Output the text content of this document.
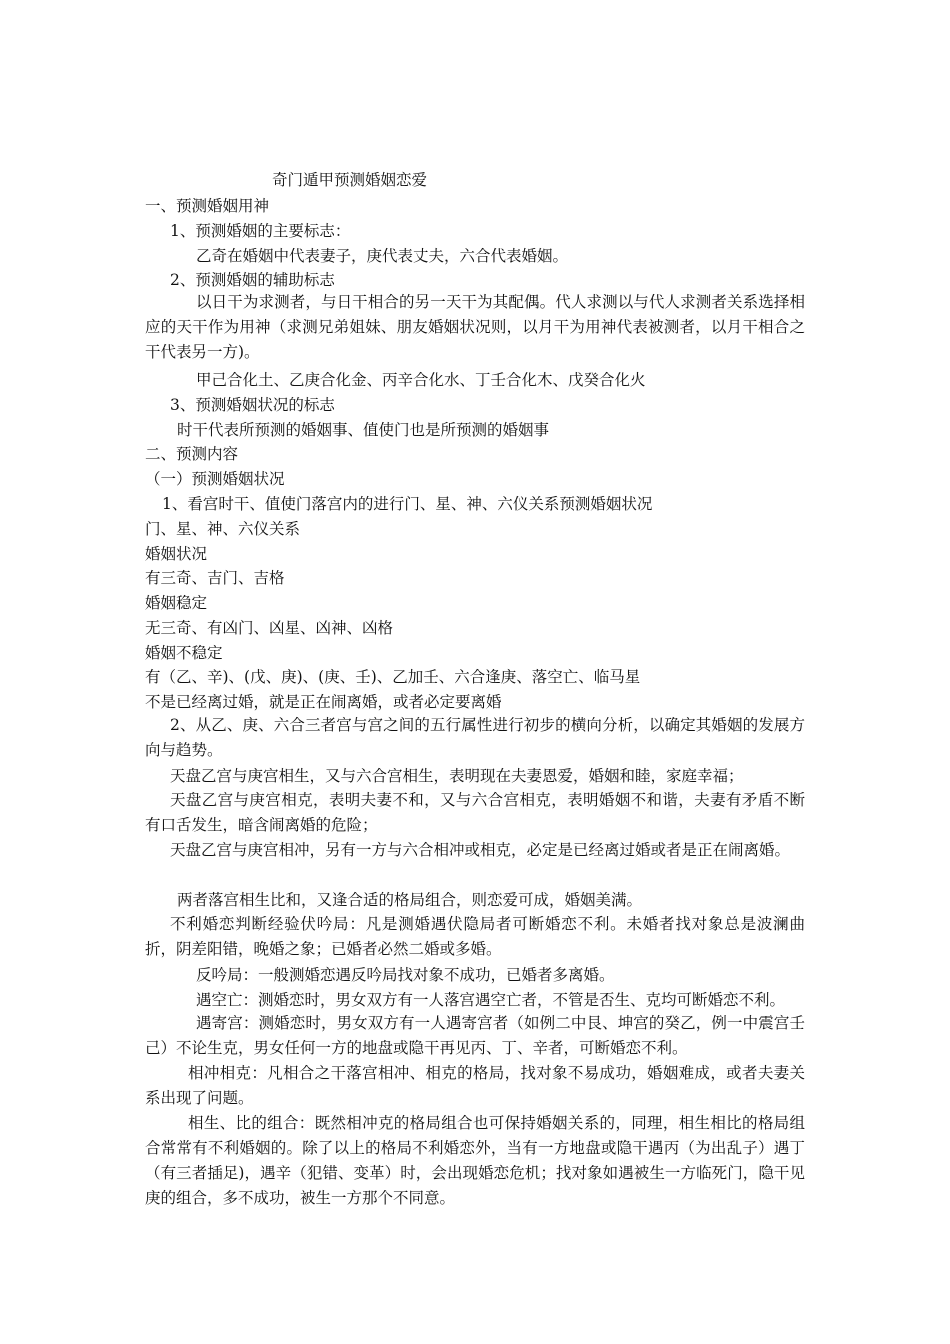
奇门遁甲预测婚姻恋爱
一、预测婚姻用神
1、预测婚姻的主要标志：
乙奇在婚姻中代表妻子，庚代表丈夫，六合代表婚姻。
2、预测婚姻的辅助标志
以日干为求测者，与日干相合的另一天干为其配偶。代人求测以与代人求测者关系选择相应的天干作为用神（求测兄弟姐妹、朋友婚姻状况则，以月干为用神代表被测者，以月干相合之干代表另一方)。
甲己合化土、乙庚合化金、丙辛合化水、丁壬合化木、戊癸合化火
3、预测婚姻状况的标志
时干代表所预测的婚姻事、值使门也是所预测的婚姻事
二、预测内容
（一）预测婚姻状况
1、看宫时干、值使门落宫内的进行门、星、神、六仪关系预测婚姻状况
门、星、神、六仪关系
婚姻状况
有三奇、吉门、吉格
婚姻稳定
无三奇、有凶门、凶星、凶神、凶格
婚姻不稳定
有（乙、辛)、(戊、庚)、(庚、壬)、乙加壬、六合逢庚、落空亡、临马星
不是已经离过婚，就是正在闹离婚，或者必定要离婚
2、从乙、庚、六合三者宫与宫之间的五行属性进行初步的横向分析，以确定其婚姻的发展方向与趋势。
天盘乙宫与庚宫相生，又与六合宫相生，表明现在夫妻恩爱，婚姻和睦，家庭幸福；
天盘乙宫与庚宫相克，表明夫妻不和，又与六合宫相克，表明婚姻不和谐，夫妻有矛盾不断有口舌发生，暗含闹离婚的危险；
天盘乙宫与庚宫相冲，另有一方与六合相冲或相克，必定是已经离过婚或者是正在闹离婚。
两者落宫相生比和，又逢合适的格局组合，则恋爱可成，婚姻美满。
不利婚恋判断经验伏吟局：凡是测婚遇伏隐局者可断婚恋不利。未婚者找对象总是波澜曲折，阴差阳错，晚婚之象；已婚者必然二婚或多婚。
反吟局：一般测婚恋遇反吟局找对象不成功，已婚者多离婚。
遇空亡：测婚恋时，男女双方有一人落宫遇空亡者，不管是否生、克均可断婚恋不利。
遇寄宫：测婚恋时，男女双方有一人遇寄宫者（如例二中艮、坤宫的癸乙，例一中震宫壬己）不论生克，男女任何一方的地盘或隐干再见丙、丁、辛者，可断婚恋不利。
相冲相克：凡相合之干落宫相冲、相克的格局，找对象不易成功，婚姻难成，或者夫妻关系出现了问题。
相生、比的组合：既然相冲克的格局组合也可保持婚姻关系的，同理，相生相比的格局组合常常有不利婚姻的。除了以上的格局不利婚恋外，当有一方地盘或隐干遇丙（为出乱子）遇丁（有三者插足)，遇辛（犯错、变革）时，会出现婚恋危机；找对象如遇被生一方临死门，隐干见庚的组合，多不成功，被生一方那个不同意。
